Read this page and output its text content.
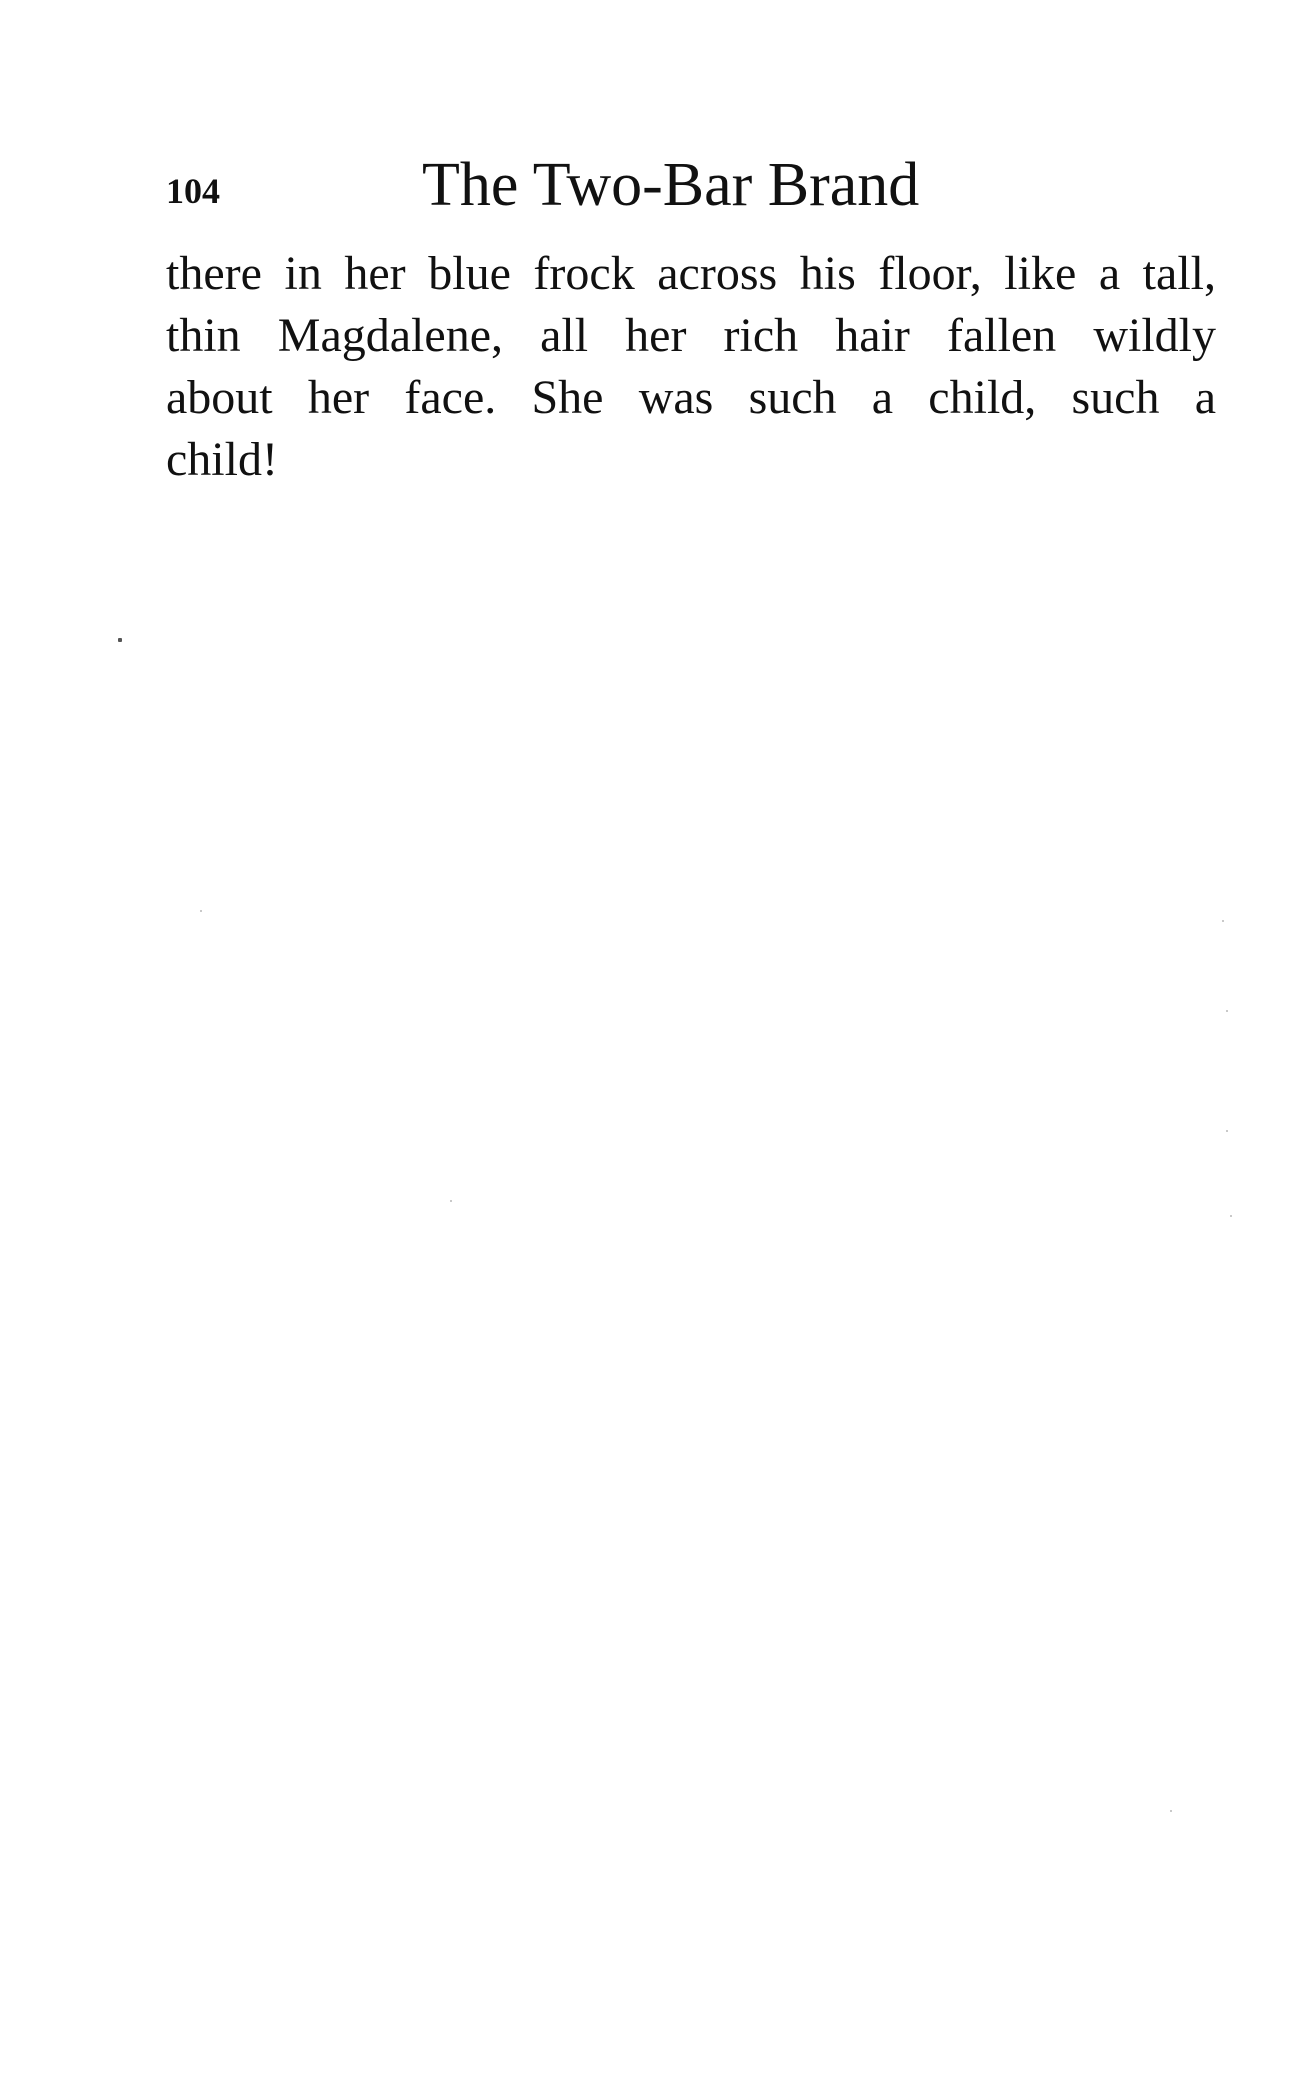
104	The Two-Bar Brand
there in her blue frock across his floor, like a tall,
thin Magdalene, all her rich hair fallen wildly
about her face. She was such a child, such a
child!
